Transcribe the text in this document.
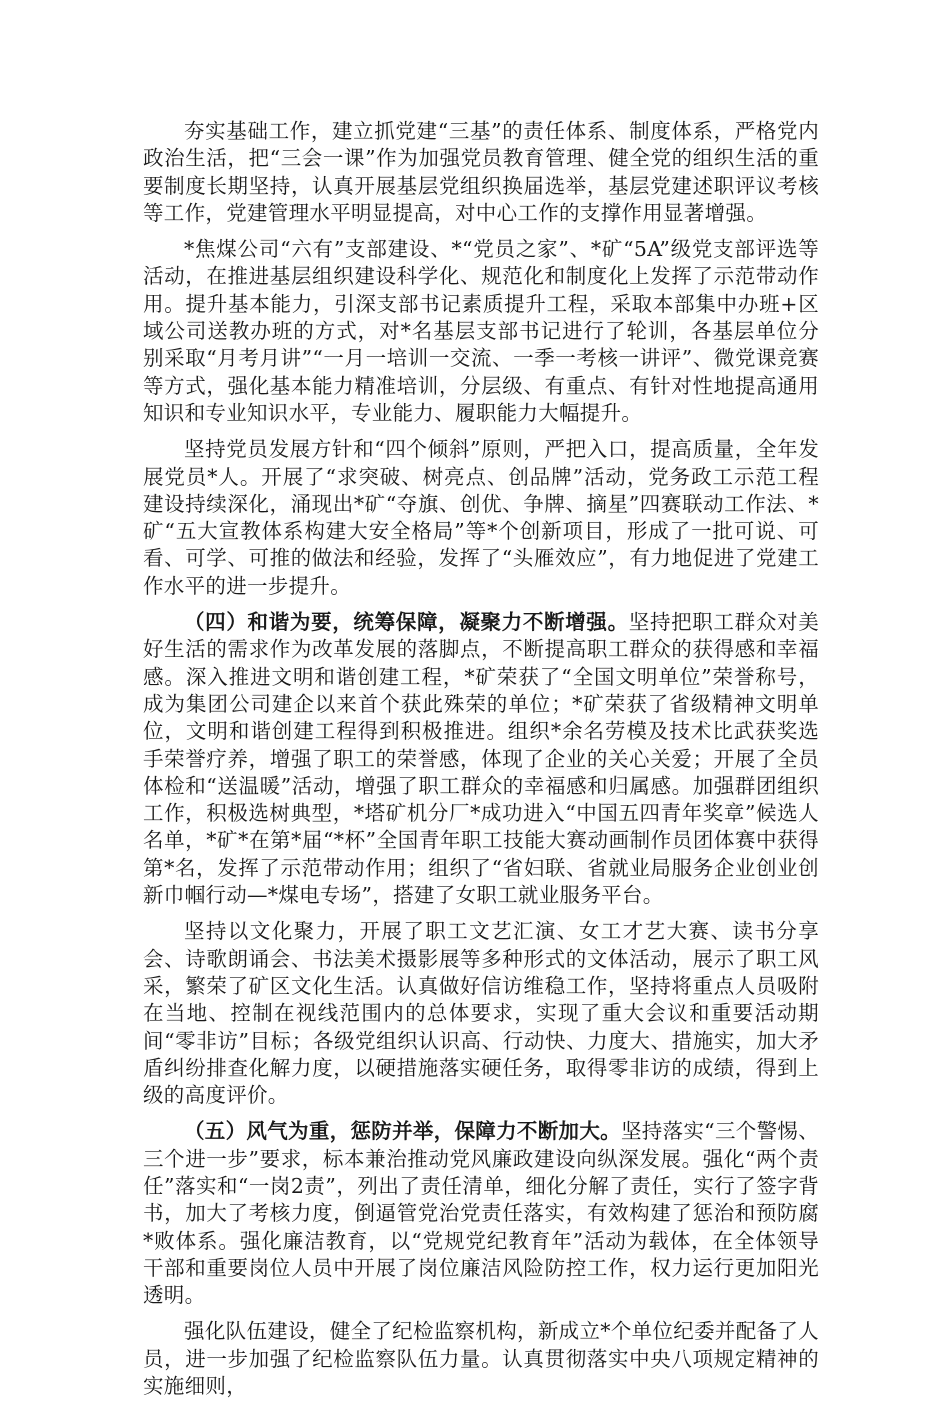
夯实基础工作，建立抓党建“三基”的责任体系、制度体系，严格党内政治生活，把“三会一课”作为加强党员教育管理、健全党的组织生活的重要制度长期坚持，认真开展基层党组织换届选举，基层党建述职评议考核等工作，党建管理水平明显提高，对中心工作的支撑作用显著增强。

*焦煤公司“六有”支部建设、*“党员之家”、*矿“5A”级党支部评选等活动，在推进基层组织建设科学化、规范化和制度化上发挥了示范带动作用。提升基本能力，引深支部书记素质提升工程，采取本部集中办班+区域公司送教办班的方式，对*名基层支部书记进行了轮训，各基层单位分别采取“月考月讲”“一月一培训一交流、一季一考核一讲评”、微党课竞赛等方式，强化基本能力精准培训，分层级、有重点、有针对性地提高通用知识和专业知识水平，专业能力、履职能力大幅提升。

坚持党员发展方针和“四个倾斜”原则，严把入口，提高质量，全年发展党员*人。开展了“求突破、树亮点、创品牌”活动，党务政工示范工程建设持续深化，涌现出*矿“夺旗、创优、争牌、摘星”四赛联动工作法、*矿“五大宣教体系构建大安全格局”等*个创新项目，形成了一批可说、可看、可学、可推的做法和经验，发挥了“头雁效应”，有力地促进了党建工作水平的进一步提升。

（四）和谐为要，统筹保障，凝聚力不断增强。坚持把职工群众对美好生活的需求作为改革发展的落脚点，不断提高职工群众的获得感和幸福感。深入推进文明和谐创建工程，*矿荣获了“全国文明单位”荣誉称号，成为集团公司建企以来首个获此殊荣的单位；*矿荣获了省级精神文明单位，文明和谐创建工程得到积极推进。组织*余名劳模及技术比武获奖选手荣誉疗养，增强了职工的荣誉感，体现了企业的关心关爱；开展了全员体检和“送温暖”活动，增强了职工群众的幸福感和归属感。加强群团组织工作，积极选树典型，*塔矿机分厂*成功进入“中国五四青年奖章”候选人名单，*矿*在第*届“*杯”全国青年职工技能大赛动画制作员团体赛中获得第*名，发挥了示范带动作用；组织了“省妇联、省就业局服务企业创业创新巾帼行动—*煤电专场”，搭建了女职工就业服务平台。

坚持以文化聚力，开展了职工文艺汇演、女工才艺大赛、读书分享会、诗歌朗诵会、书法美术摄影展等多种形式的文体活动，展示了职工风采，繁荣了矿区文化生活。认真做好信访维稳工作，坚持将重点人员吸附在当地、控制在视线范围内的总体要求，实现了重大会议和重要活动期间“零非访”目标；各级党组织认识高、行动快、力度大、措施实，加大矛盾纠纷排查化解力度，以硬措施落实硬任务，取得零非访的成绩，得到上级的高度评价。

（五）风气为重，惩防并举，保障力不断加大。坚持落实“三个警惕、三个进一步”要求，标本兼治推动党风廉政建设向纵深发展。强化“两个责任”落实和“一岗2责”，列出了责任清单，细化分解了责任，实行了签字背书，加大了考核力度，倒逼管党治党责任落实，有效构建了惩治和预防腐*败体系。强化廉洁教育，以“党规党纪教育年”活动为载体，在全体领导干部和重要岗位人员中开展了岗位廉洁风险防控工作，权力运行更加阳光透明。

强化队伍建设，健全了纪检监察机构，新成立*个单位纪委并配备了人员，进一步加强了纪检监察队伍力量。认真贯彻落实中央八项规定精神的实施细则，
